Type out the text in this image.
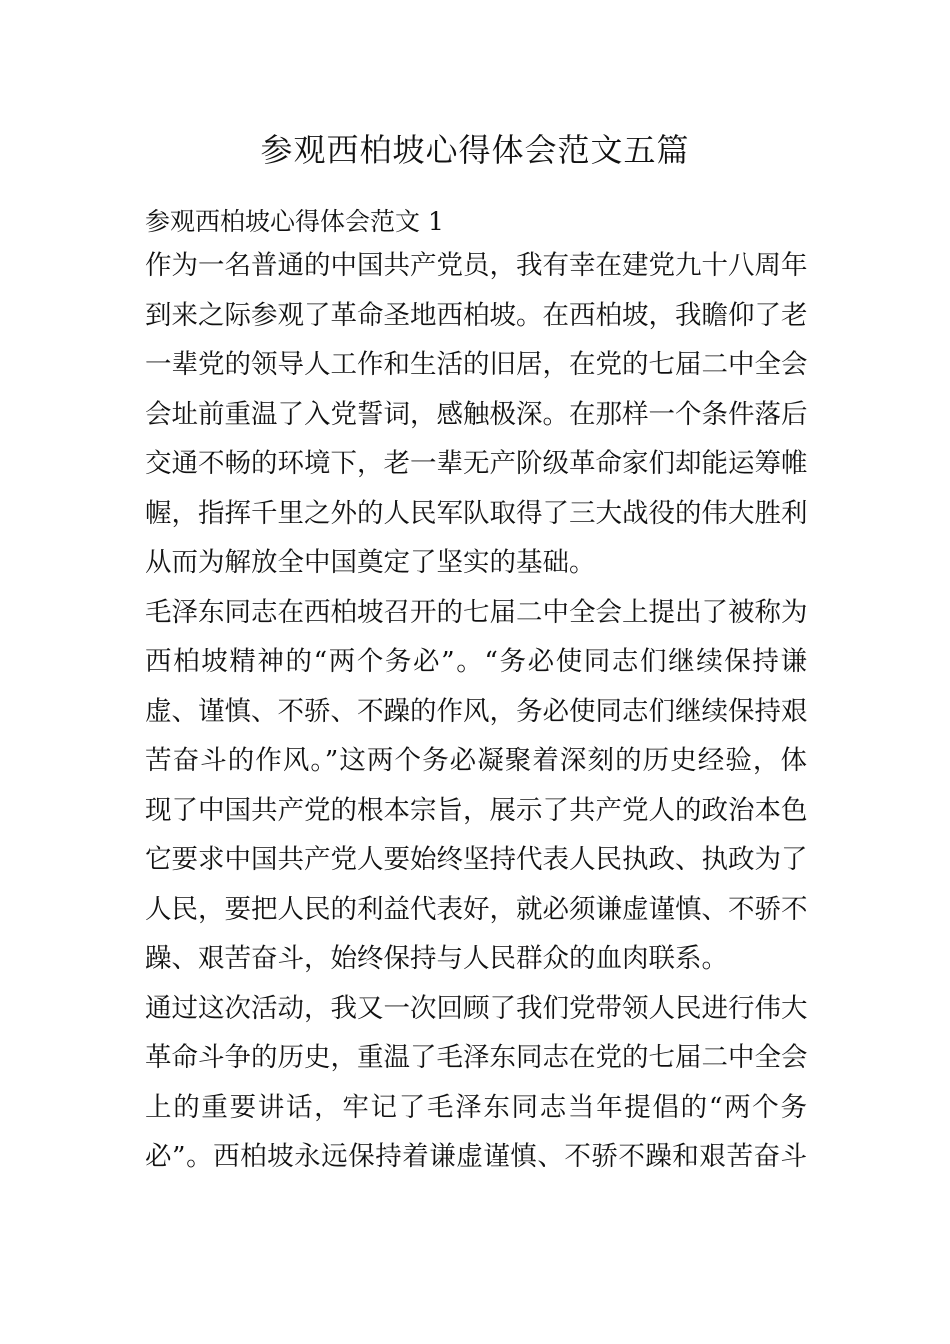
参观西柏坡心得体会范文五篇

参观西柏坡心得体会范文 1

作为一名普通的中国共产党员，我有幸在建党九十八周年
到来之际参观了革命圣地西柏坡。在西柏坡，我瞻仰了老
一辈党的领导人工作和生活的旧居，在党的七届二中全会
会址前重温了入党誓词，感触极深。在那样一个条件落后
交通不畅的环境下，老一辈无产阶级革命家们却能运筹帷
幄，指挥千里之外的人民军队取得了三大战役的伟大胜利
从而为解放全中国奠定了坚实的基础。

毛泽东同志在西柏坡召开的七届二中全会上提出了被称为
西柏坡精神的“两个务必”。“务必使同志们继续保持谦
虚、谨慎、不骄、不躁的作风，务必使同志们继续保持艰
苦奋斗的作风。”这两个务必凝聚着深刻的历史经验，体
现了中国共产党的根本宗旨，展示了共产党人的政治本色
它要求中国共产党人要始终坚持代表人民执政、执政为了
人民，要把人民的利益代表好，就必须谦虚谨慎、不骄不
躁、艰苦奋斗，始终保持与人民群众的血肉联系。

通过这次活动，我又一次回顾了我们党带领人民进行伟大
革命斗争的历史，重温了毛泽东同志在党的七届二中全会
上的重要讲话，牢记了毛泽东同志当年提倡的“两个务
必”。西柏坡永远保持着谦虚谨慎、不骄不躁和艰苦奋斗
